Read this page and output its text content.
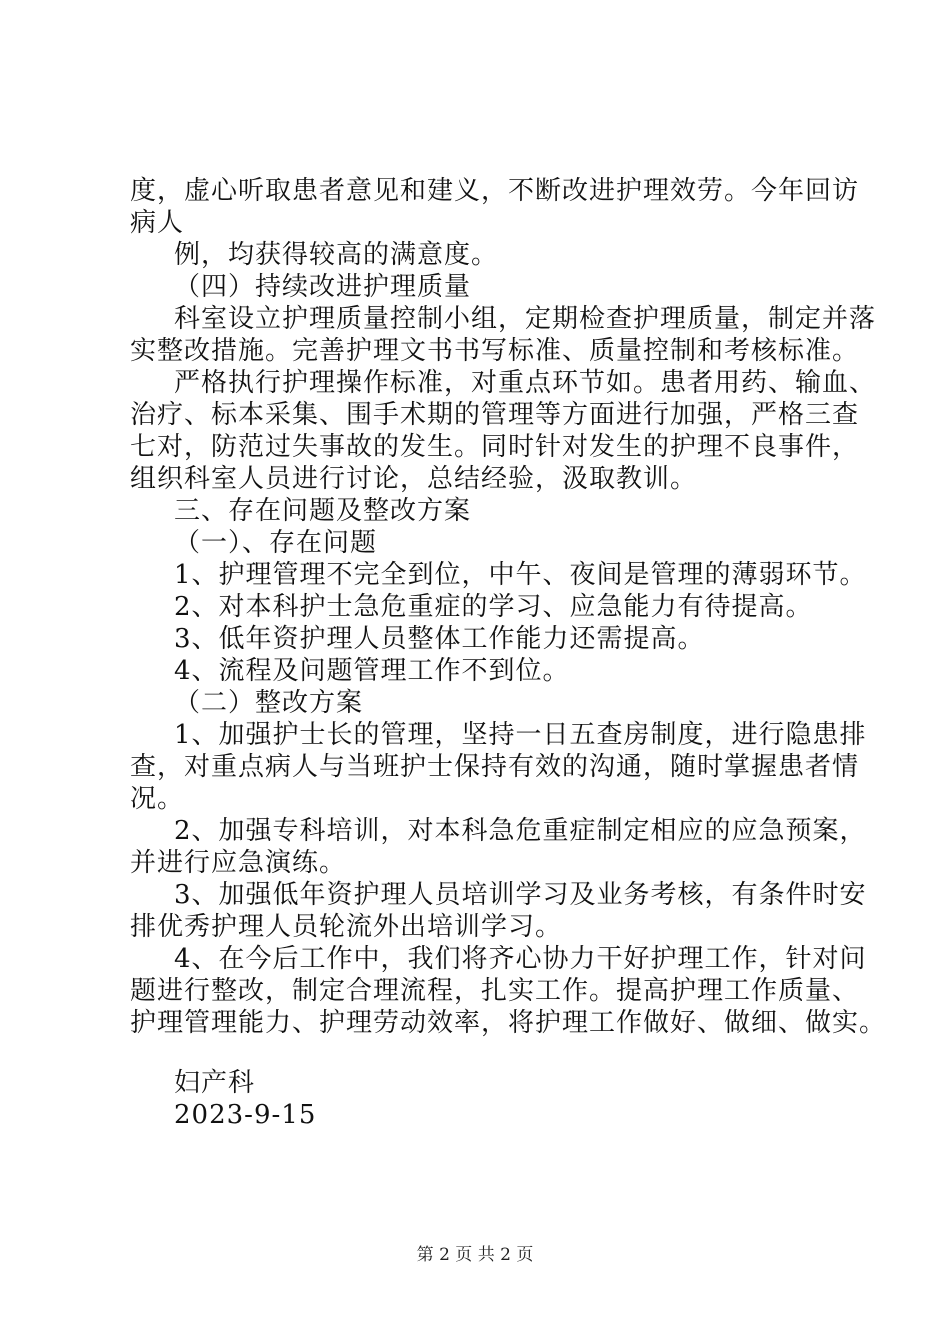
度，虚心听取患者意见和建义，不断改进护理效劳。今年回访
病人
例，均获得较高的满意度。
（四）持续改进护理质量
科室设立护理质量控制小组，定期检查护理质量，制定并落
实整改措施。完善护理文书书写标准、质量控制和考核标准。
严格执行护理操作标准，对重点环节如。患者用药、输血、
治疗、标本采集、围手术期的管理等方面进行加强，严格三查
七对，防范过失事故的发生。同时针对发生的护理不良事件，
组织科室人员进行讨论，总结经验，汲取教训。
三、存在问题及整改方案
（一）、存在问题
1、护理管理不完全到位，中午、夜间是管理的薄弱环节。
2、对本科护士急危重症的学习、应急能力有待提高。
3、低年资护理人员整体工作能力还需提高。
4、流程及问题管理工作不到位。
（二）整改方案
1、加强护士长的管理，坚持一日五查房制度，进行隐患排
查，对重点病人与当班护士保持有效的沟通，随时掌握患者情
况。
2、加强专科培训，对本科急危重症制定相应的应急预案，
并进行应急演练。
3、加强低年资护理人员培训学习及业务考核，有条件时安
排优秀护理人员轮流外出培训学习。
4、在今后工作中，我们将齐心协力干好护理工作，针对问
题进行整改，制定合理流程，扎实工作。提高护理工作质量、
护理管理能力、护理劳动效率，将护理工作做好、做细、做实。
妇产科
2023-9-15
第 2 页 共 2 页
